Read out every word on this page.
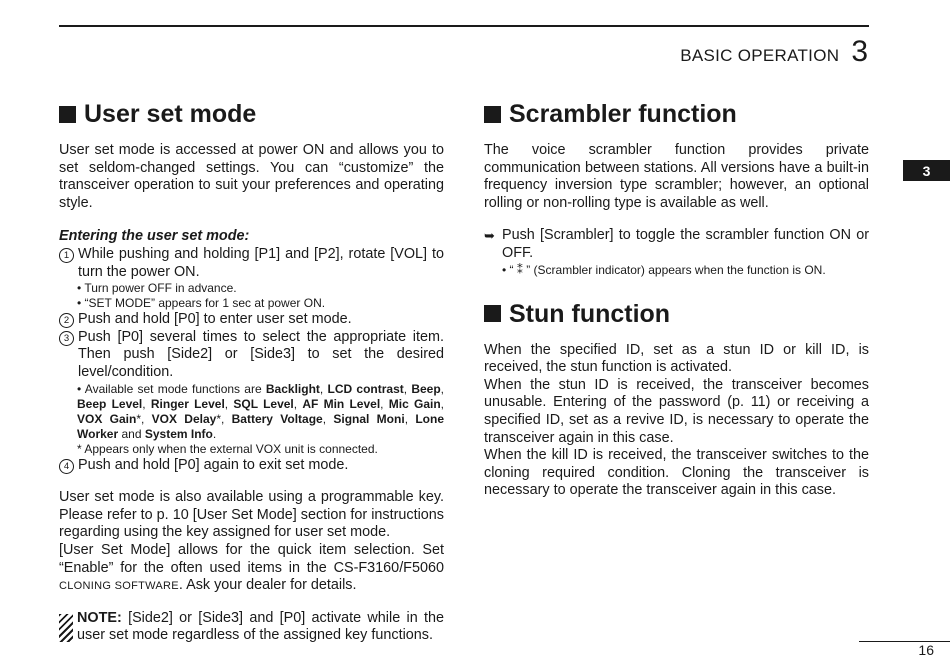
BASIC OPERATION 3
3
User set mode

User set mode is accessed at power ON and allows you to set seldom-changed settings. You can “customize” the transceiver operation to suit your preferences and operating style.

Entering the user set mode:

1 While pushing and holding [P1] and [P2], rotate [VOL] to turn the power ON.
• Turn power OFF in advance.
• “SET MODE” appears for 1 sec at power ON.
2 Push and hold [P0] to enter user set mode.
3 Push [P0] several times to select the appropriate item. Then push [Side2] or [Side3] to set the desired level/condition.
• Available set mode functions are Backlight, LCD contrast, Beep, Beep Level, Ringer Level, SQL Level, AF Min Level, Mic Gain, VOX Gain*, VOX Delay*, Battery Voltage, Signal Moni, Lone Worker and System Info.
* Appears only when the external VOX unit is connected.
4 Push and hold [P0] again to exit set mode.

User set mode is also available using a programmable key. Please refer to p. 10 [User Set Mode] section for instructions regarding using the key assigned for user set mode.

[User Set Mode] allows for the quick item selection. Set “Enable” for the often used items in the CS-F3160/F5060 CLONING SOFTWARE. Ask your dealer for details.

NOTE: [Side2] or [Side3] and [P0] activate while in the user set mode regardless of the assigned key functions.

Scrambler function

The voice scrambler function provides private communication between stations. All versions have a built-in frequency inversion type scrambler; however, an optional rolling or non-rolling type is available as well.

➥ Push [Scrambler] to toggle the scrambler function ON or OFF.
• “ ⁑ ” (Scrambler indicator) appears when the function is ON.
Stun function

When the specified ID, set as a stun ID or kill ID, is received, the stun function is activated.

When the stun ID is received, the transceiver becomes unusable. Entering of the password (p. 11) or receiving a specified ID, set as a revive ID, is necessary to operate the transceiver again in this case.

When the kill ID is received, the transceiver switches to the cloning required condition. Cloning the transceiver is necessary to operate the transceiver again in this case.

16
